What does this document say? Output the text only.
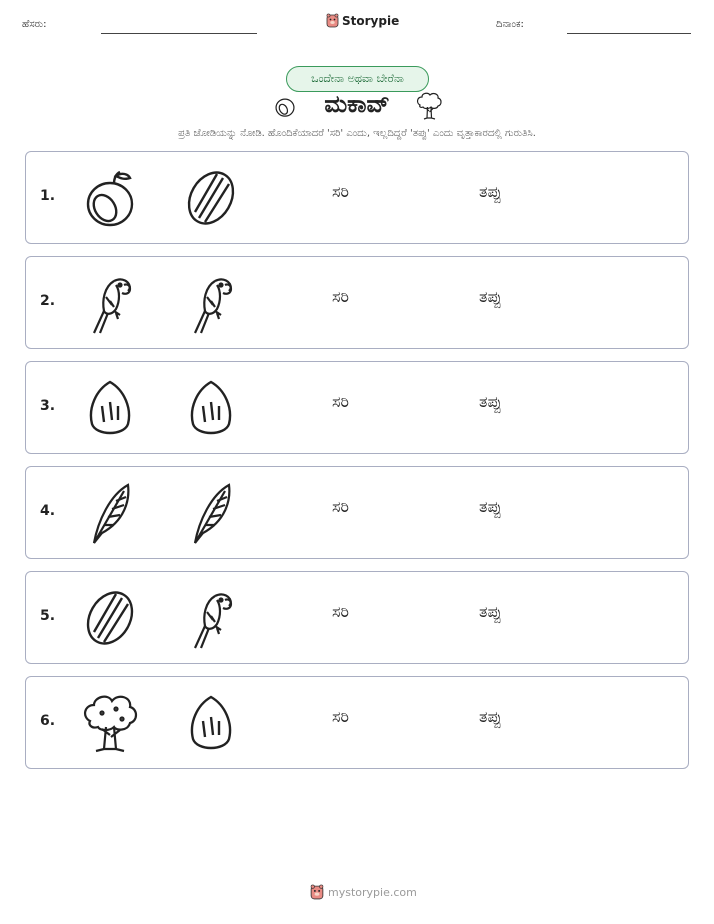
ಹೆಸರು:	Storypie	ದಿನಾಂಕ:
ಒಂದೇನಾ ಅಥವಾ ಬೇರೆನಾ
ಮಕಾವ್
ಪ್ರತಿ ಜೋಡಿಯನ್ನು ನೋಡಿ. ಹೊಂದಿಕೆಯಾದರೆ 'ಸರಿ' ಎಂದು, ಇಲ್ಲದಿದ್ದರೆ 'ತಪ್ಪು' ಎಂದು ವೃತ್ತಾಕಾರದಲ್ಲಿ ಗುರುತಿಸಿ.
1.	ಸರಿ	ತಪ್ಪು
2.	ಸರಿ	ತಪ್ಪು
3.	ಸರಿ	ತಪ್ಪು
4.	ಸರಿ	ತಪ್ಪು
5.	ಸರಿ	ತಪ್ಪು
6.	ಸರಿ	ತಪ್ಪು
mystorypie.com
